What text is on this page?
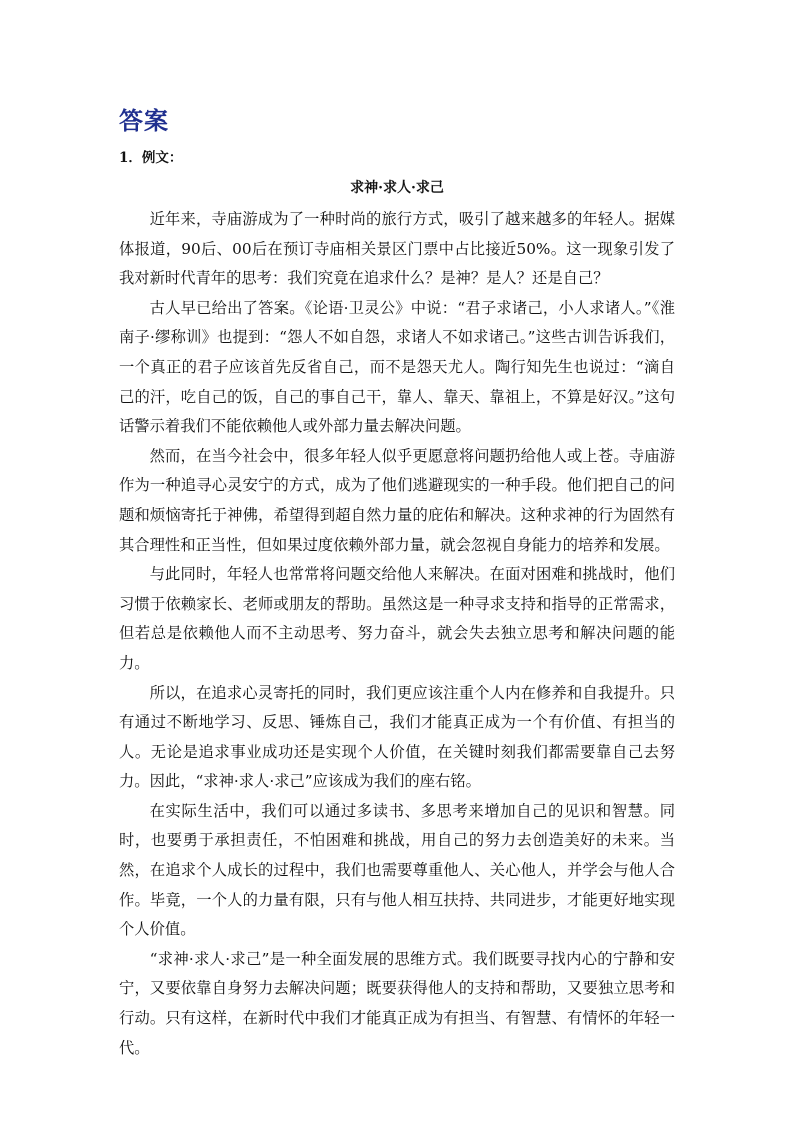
答案
1．例文：
求神·求人·求己

近年来，寺庙游成为了一种时尚的旅行方式，吸引了越来越多的年轻人。据媒体报道，90后、00后在预订寺庙相关景区门票中占比接近50%。这一现象引发了我对新时代青年的思考：我们究竟在追求什么？是神？是人？还是自己？

古人早已给出了答案。《论语·卫灵公》中说：“君子求诸己，小人求诸人。”《淮南子·缪称训》也提到：“怨人不如自怨，求诸人不如求诸己。”这些古训告诉我们，一个真正的君子应该首先反省自己，而不是怨天尤人。陶行知先生也说过：“滴自己的汗，吃自己的饭，自己的事自己干，靠人、靠天、靠祖上，不算是好汉。”这句话警示着我们不能依赖他人或外部力量去解决问题。

然而，在当今社会中，很多年轻人似乎更愿意将问题扔给他人或上苍。寺庙游作为一种追寻心灵安宁的方式，成为了他们逃避现实的一种手段。他们把自己的问题和烦恼寄托于神佛，希望得到超自然力量的庇佑和解决。这种求神的行为固然有其合理性和正当性，但如果过度依赖外部力量，就会忽视自身能力的培养和发展。

与此同时，年轻人也常常将问题交给他人来解决。在面对困难和挑战时，他们习惯于依赖家长、老师或朋友的帮助。虽然这是一种寻求支持和指导的正常需求，但若总是依赖他人而不主动思考、努力奋斗，就会失去独立思考和解决问题的能力。

所以，在追求心灵寄托的同时，我们更应该注重个人内在修养和自我提升。只有通过不断地学习、反思、锤炼自己，我们才能真正成为一个有价值、有担当的人。无论是追求事业成功还是实现个人价值，在关键时刻我们都需要靠自己去努力。因此，“求神·求人·求己”应该成为我们的座右铭。

在实际生活中，我们可以通过多读书、多思考来增加自己的见识和智慧。同时，也要勇于承担责任，不怕困难和挑战，用自己的努力去创造美好的未来。当然，在追求个人成长的过程中，我们也需要尊重他人、关心他人，并学会与他人合作。毕竟，一个人的力量有限，只有与他人相互扶持、共同进步，才能更好地实现个人价值。

“求神·求人·求己”是一种全面发展的思维方式。我们既要寻找内心的宁静和安宁，又要依靠自身努力去解决问题；既要获得他人的支持和帮助，又要独立思考和行动。只有这样，在新时代中我们才能真正成为有担当、有智慧、有情怀的年轻一代。
